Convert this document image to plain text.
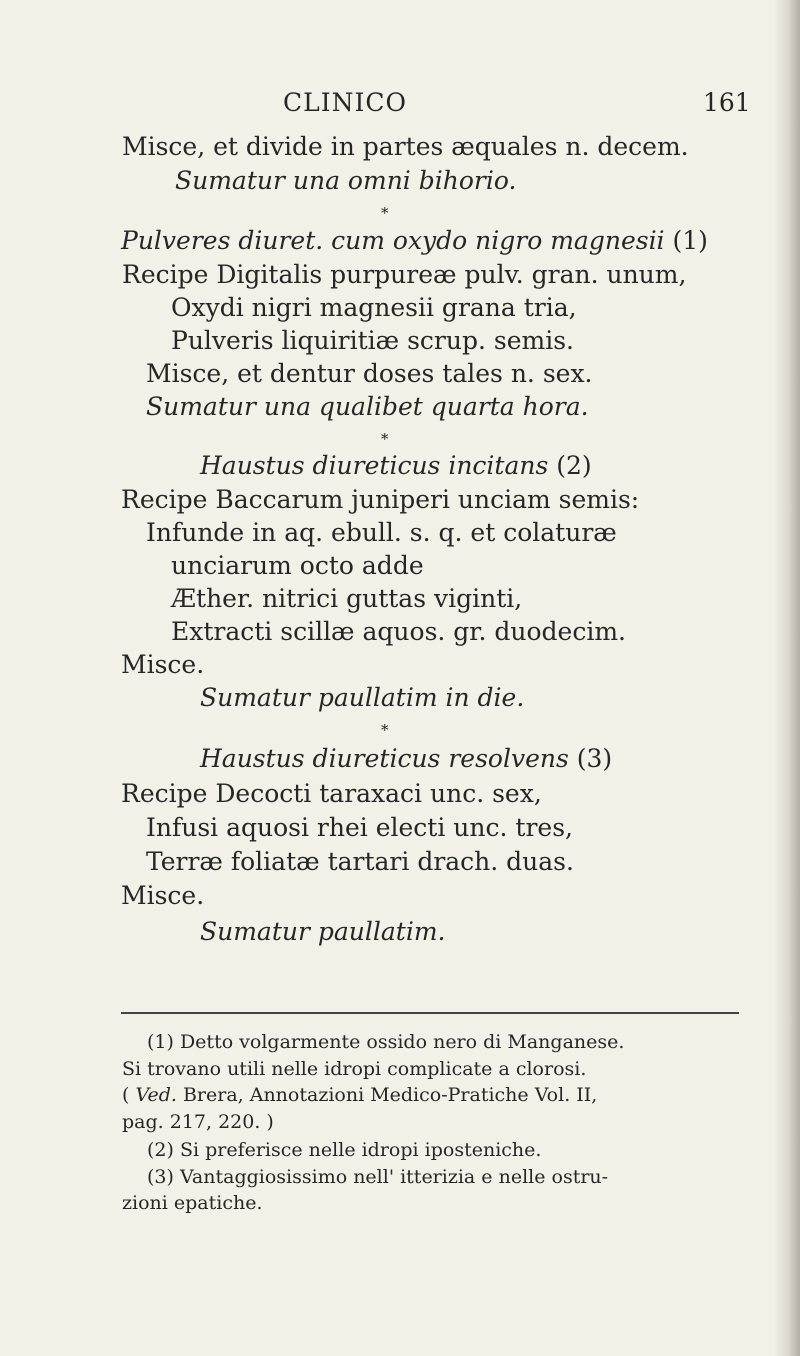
CLINICO	161
Misce, et divide in partes æquales n. decem.
Sumatur una omni bihorio.
*
Pulveres diuret. cum oxydo nigro magnesii (1)
Recipe Digitalis purpureæ pulv. gran. unum,
Oxydi nigri magnesii grana tria,
Pulveris liquiritiæ scrup. semis.
Misce, et dentur doses tales n. sex.
Sumatur una qualibet quarta hora.
*
Haustus diureticus incitans (2)
Recipe Baccarum juniperi unciam semis:
Infunde in aq. ebull. s. q. et colaturæ
unciarum octo adde
Æther. nitrici guttas viginti,
Extracti scillæ aquos. gr. duodecim.
Misce.
Sumatur paullatim in die.
*
Haustus diureticus resolvens (3)
Recipe Decocti taraxaci unc. sex,
Infusi aquosi rhei electi unc. tres,
Terræ foliatæ tartari drach. duas.
Misce.
Sumatur paullatim.
(1) Detto volgarmente ossido nero di Manganese.
Si trovano utili nelle idropi complicate a clorosi.
( Ved. Brera, Annotazioni Medico-Pratiche Vol. II,
pag. 217, 220. )
(2) Si preferisce nelle idropi iposteniche.
(3) Vantaggiosissimo nell' itterizia e nelle ostru-
zioni epatiche.
